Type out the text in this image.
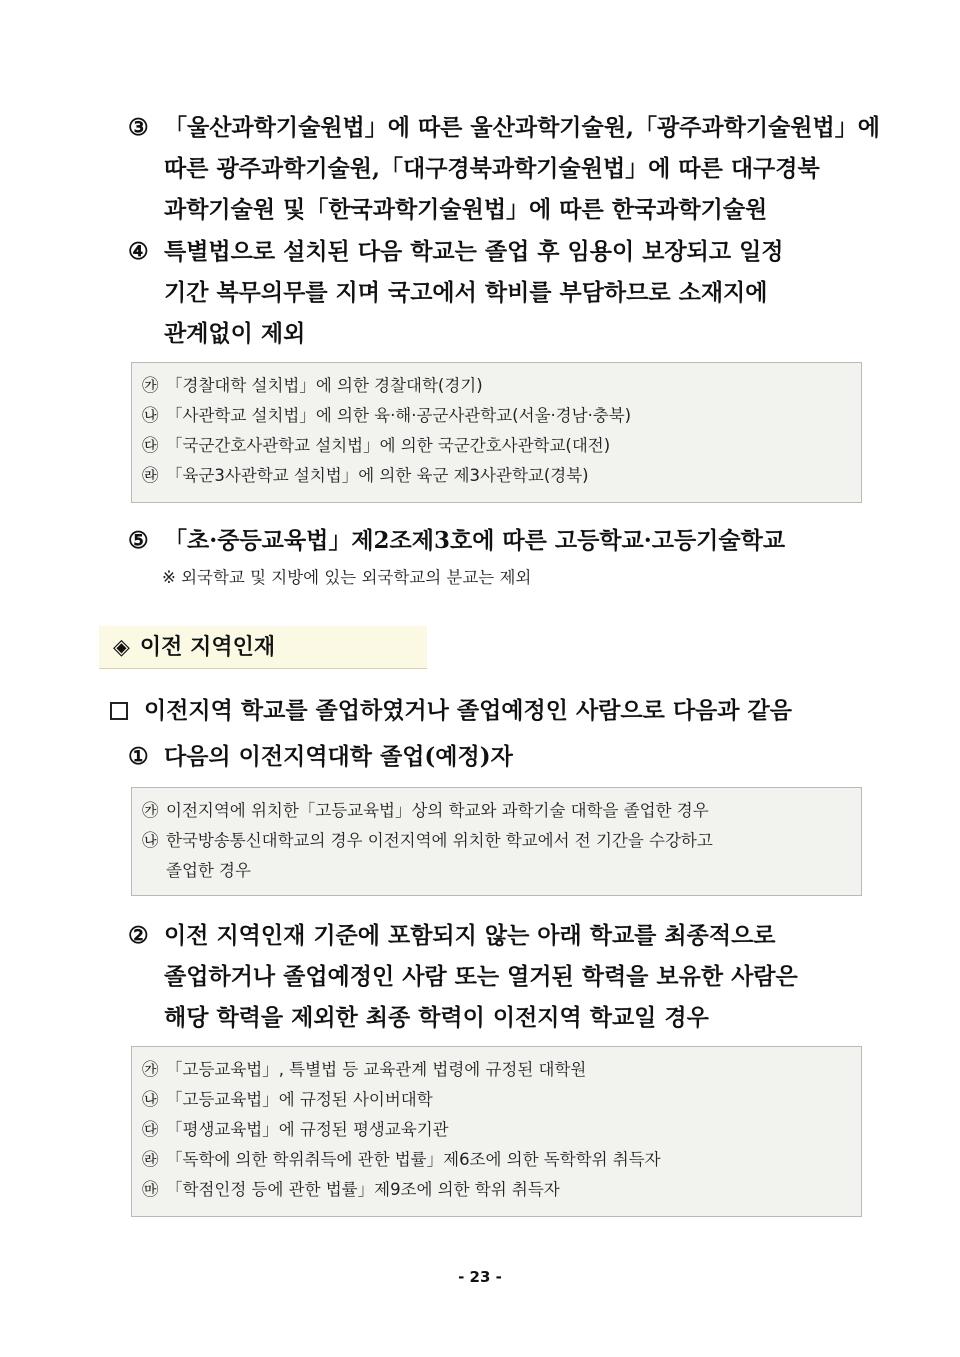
③ 「울산과학기술원법」에 따른 울산과학기술원,「광주과학기술원법」에
따른 광주과학기술원,「대구경북과학기술원법」에 따른 대구경북
과학기술원 및「한국과학기술원법」에 따른 한국과학기술원
④ 특별법으로 설치된 다음 학교는 졸업 후 임용이 보장되고 일정
기간 복무의무를 지며 국고에서 학비를 부담하므로 소재지에
관계없이 제외
㉮ 「경찰대학 설치법」에 의한 경찰대학(경기)
㉯ 「사관학교 설치법」에 의한 육·해·공군사관학교(서울·경남·충북)
㉰ 「국군간호사관학교 설치법」에 의한 국군간호사관학교(대전)
㉱ 「육군3사관학교 설치법」에 의한 육군 제3사관학교(경북)
⑤ 「초·중등교육법」제2조제3호에 따른 고등학교·고등기술학교
※ 외국학교 및 지방에 있는 외국학교의 분교는 제외
◈ 이전 지역인재
이전지역 학교를 졸업하였거나 졸업예정인 사람으로 다음과 같음
① 다음의 이전지역대학 졸업(예정)자
㉮ 이전지역에 위치한「고등교육법」상의 학교와 과학기술 대학을 졸업한 경우
㉯ 한국방송통신대학교의 경우 이전지역에 위치한 학교에서 전 기간을 수강하고
졸업한 경우
② 이전 지역인재 기준에 포함되지 않는 아래 학교를 최종적으로
졸업하거나 졸업예정인 사람 또는 열거된 학력을 보유한 사람은
해당 학력을 제외한 최종 학력이 이전지역 학교일 경우
㉮ 「고등교육법」, 특별법 등 교육관계 법령에 규정된 대학원
㉯ 「고등교육법」에 규정된 사이버대학
㉰ 「평생교육법」에 규정된 평생교육기관
㉱ 「독학에 의한 학위취득에 관한 법률」제6조에 의한 독학학위 취득자
㉲ 「학점인정 등에 관한 법률」제9조에 의한 학위 취득자
- 23 -
